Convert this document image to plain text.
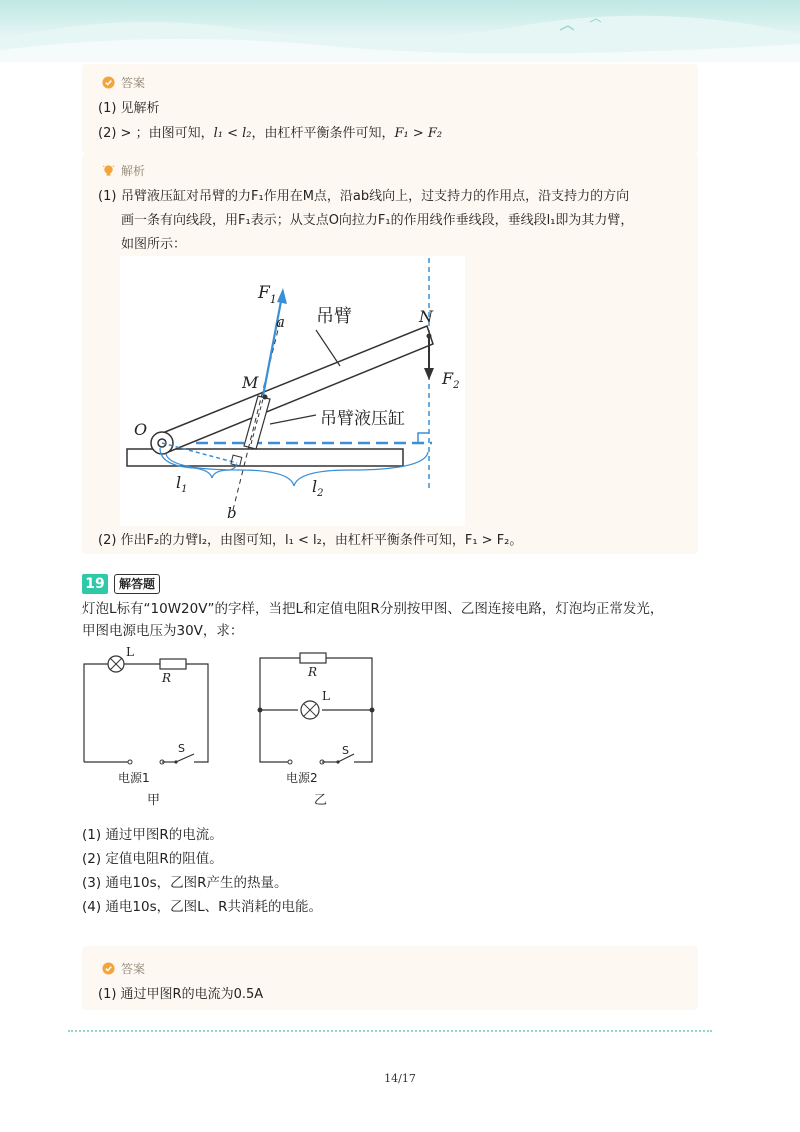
答案
(1) 见解析
(2) > ；由图可知，l₁ < l₂，由杠杆平衡条件可知，F₁ > F₂
解析
(1) 吊臂液压缸对吊臂的力F₁作用在M点，沿ab线向上，过支持力的作用点，沿支持力的方向
画一条有向线段，用F₁表示；从支点O向拉力F₁的作用线作垂线段，垂线段l₁即为其力臂，
如图所示：
$F_1$
a 吊臂	N
M	$F_2$
O
吊臂液压缸
$l_1$	$l_2$
b
(2) 作出F₂的力臂l₂，由图可知，l₁ < l₂，由杠杆平衡条件可知，F₁ > F₂。
19	解答题
灯泡L标有“10W20V”的字样，当把L和定值电阻R分别按甲图、乙图连接电路，灯泡均正常发光，
甲图电源电压为30V，求：
L
R
S
电源1
甲
R
L
S
电源2
乙
(1) 通过甲图R的电流。
(2) 定值电阻R的阻值。
(3) 通电10s，乙图R产生的热量。
(4) 通电10s，乙图L、R共消耗的电能。
答案
(1) 通过甲图R的电流为0.5A
14/17
